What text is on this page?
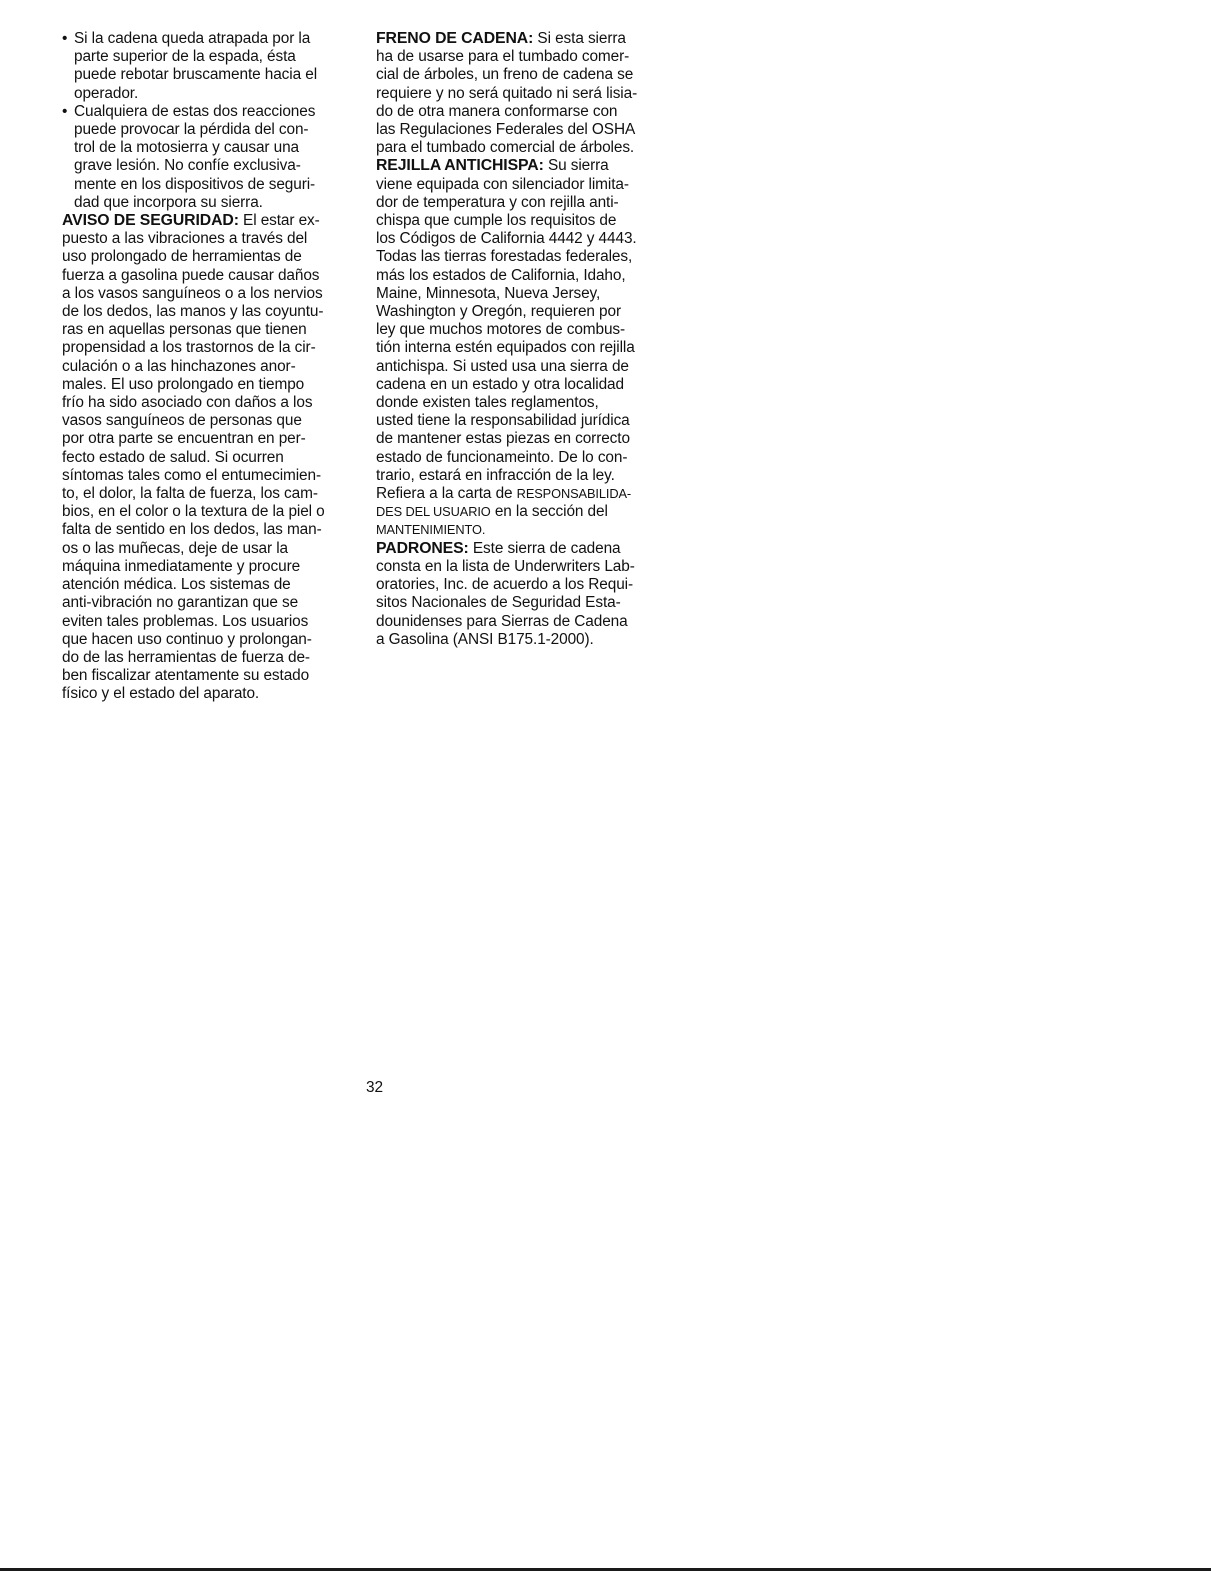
• Si la cadena queda atrapada por la
parte superior de la espada, ésta
puede rebotar bruscamente hacia el
operador.
• Cualquiera de estas dos reacciones
puede provocar la pérdida del con-
trol de la motosierra y causar una
grave lesión. No confíe exclusiva-
mente en los dispositivos de seguri-
dad que incorpora su sierra.
AVISO DE SEGURIDAD: El estar ex-
puesto a las vibraciones a través del
uso prolongado de herramientas de
fuerza a gasolina puede causar daños
a los vasos sanguíneos o a los nervios
de los dedos, las manos y las coyuntu-
ras en aquellas personas que tienen
propensidad a los trastornos de la cir-
culación o a las hinchazones anor-
males. El uso prolongado en tiempo
frío ha sido asociado con daños a los
vasos sanguíneos de personas que
por otra parte se encuentran en per-
fecto estado de salud. Si ocurren
síntomas tales como el entumecimien-
to, el dolor, la falta de fuerza, los cam-
bios, en el color o la textura de la piel o
falta de sentido en los dedos, las man-
os o las muñecas, deje de usar la
máquina inmediatamente y procure
atención médica. Los sistemas de
anti-vibración no garantizan que se
eviten tales problemas. Los usuarios
que hacen uso continuo y prolongan-
do de las herramientas de fuerza de-
ben fiscalizar atentamente su estado
físico y el estado del aparato.
FRENO DE CADENA: Si esta sierra
ha de usarse para el tumbado comer-
cial de árboles, un freno de cadena se
requiere y no será quitado ni será lisia-
do de otra manera conformarse con
las Regulaciones Federales del OSHA
para el tumbado comercial de árboles.
REJILLA ANTICHISPA: Su sierra
viene equipada con silenciador limita-
dor de temperatura y con rejilla anti-
chispa que cumple los requisitos de
los Códigos de California 4442 y 4443.
Todas las tierras forestadas federales,
más los estados de California, Idaho,
Maine, Minnesota, Nueva Jersey,
Washington y Oregón, requieren por
ley que muchos motores de combus-
tión interna estén equipados con rejilla
antichispa. Si usted usa una sierra de
cadena en un estado y otra localidad
donde existen tales reglamentos,
usted tiene la responsabilidad jurídica
de mantener estas piezas en correcto
estado de funcionameinto. De lo con-
trario, estará en infracción de la ley.
Refiera a la carta de RESPONSABILIDA-
DES DEL USUARIO en la sección del
MANTENIMIENTO.
PADRONES: Este sierra de cadena
consta en la lista de Underwriters Lab-
oratories, Inc. de acuerdo a los Requi-
sitos Nacionales de Seguridad Esta-
dounidenses para Sierras de Cadena
a Gasolina (ANSI B175.1-2000).
32
